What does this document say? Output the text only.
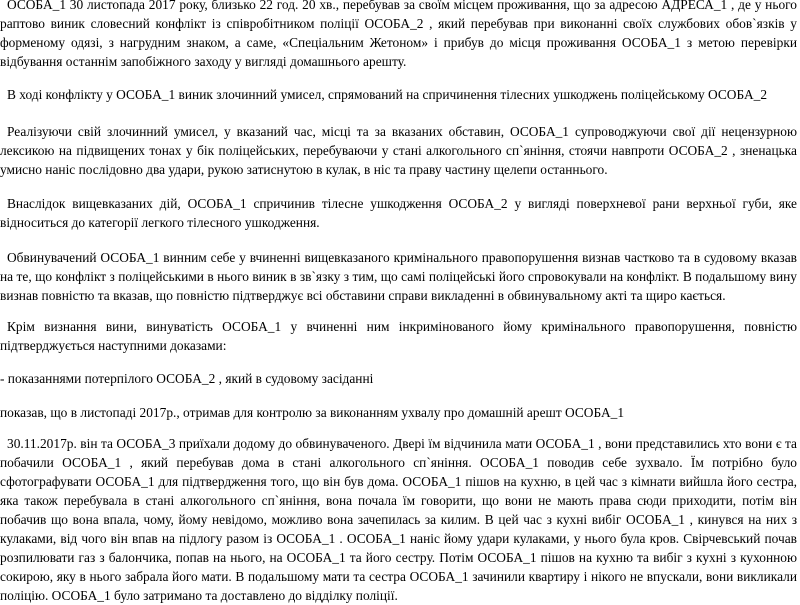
ОСОБА_1 30 листопада 2017 року, близько 22 год. 20 хв., перебував за своїм місцем проживання, що за адресою АДРЕСА_1 , де у нього раптово виник словесний конфлікт із співробітником поліції ОСОБА_2 , який перебував при виконанні своїх службових обов`язків у форменому одязі, з нагрудним знаком, а саме, «Спеціальним Жетоном» і прибув до місця проживання ОСОБА_1 з метою перевірки відбування останнім запобіжного заходу у вигляді домашнього арешту.

В ході конфлікту у ОСОБА_1 виник злочинний умисел, спрямований на спричинення тілесних ушкоджень поліцейському ОСОБА_2

Реалізуючи свій злочинний умисел, у вказаний час, місці та за вказаних обставин, ОСОБА_1 супроводжуючи свої дії нецензурною лексикою на підвищених тонах у бік поліцейських, перебуваючи у стані алкогольного сп`яніння, стоячи навпроти ОСОБА_2 , зненацька умисно наніс послідовно два удари, рукою затиснутою в кулак, в ніс та праву частину щелепи останнього.

Внаслідок вищевказаних дій, ОСОБА_1 спричинив тілесне ушкодження ОСОБА_2 у вигляді поверхневої рани верхньої губи, яке відноситься до категорії легкого тілесного ушкодження.

Обвинувачений ОСОБА_1 винним себе у вчиненні вищевказаного кримінального правопорушення визнав частково та в судовому вказав на те, що конфлікт з поліцейськими в нього виник в зв`язку з тим, що самі поліцейські його спровокували на конфлікт. В подальшому вину визнав повністю та вказав, що повністю підтверджує всі обставини справи викладенні в обвинувальному акті та щиро кається.

Крім визнання вини, винуватість ОСОБА_1 у вчиненні ним інкримінованого йому кримінального правопорушення, повністю підтверджується наступними доказами:

- показаннями потерпілого ОСОБА_2 , який в судовому засіданні

показав, що в листопаді 2017р., отримав для контролю за виконанням ухвалу про домашній арешт ОСОБА_1

30.11.2017р. він та ОСОБА_3 приїхали додому до обвинуваченого. Двері їм відчинила мати ОСОБА_1 , вони представились хто вони є та побачили ОСОБА_1 , який перебував дома в стані алкогольного сп`яніння. ОСОБА_1 поводив себе зухвало. Їм потрібно було сфотографувати ОСОБА_1 для підтвердження того, що він був дома. ОСОБА_1 пішов на кухню, в цей час з кімнати вийшла його сестра, яка також перебувала в стані алкогольного сп`яніння, вона почала їм говорити, що вони не мають права сюди приходити, потім він побачив що вона впала, чому, йому невідомо, можливо вона зачепилась за килим. В цей час з кухні вибіг ОСОБА_1 , кинувся на них з кулаками, від чого він впав на підлогу разом із ОСОБА_1 . ОСОБА_1 наніс йому удари кулаками, у нього була кров. Свірчевський почав розпилювати газ з балончика, попав на нього, на ОСОБА_1 та його сестру. Потім ОСОБА_1 пішов на кухню та вибіг з кухні з кухонною сокирою, яку в нього забрала його мати. В подальшому мати та сестра ОСОБА_1 зачинили квартиру і нікого не впускали, вони викликали поліцію. ОСОБА_1 було затримано та доставлено до відділку поліції.
